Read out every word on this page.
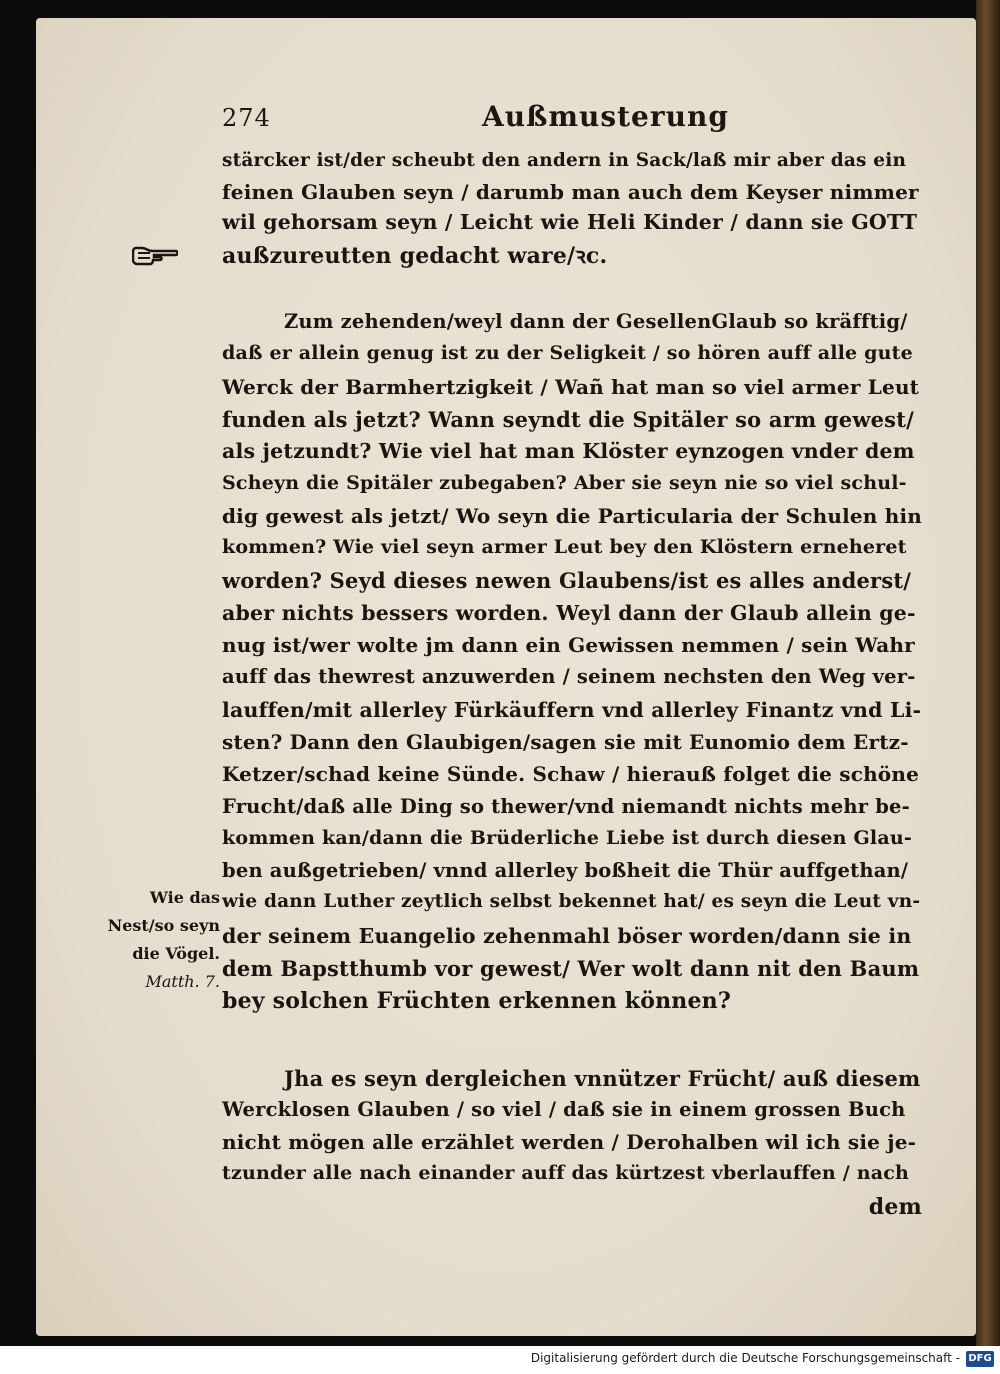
274	Außmusterung
stärcker ist/der scheubt den andern in Sack/laß mir aber das ein
feinen Glauben seyn / darumb man auch dem Keyser nimmer
wil gehorsam seyn / Leicht wie Heli Kinder / dann sie GOTT
außzureutten gedacht ware/ꝛc.
Zum zehenden/weyl dann der GesellenGlaub so kräfftig/
daß er allein genug ist zu der Seligkeit / so hören auff alle gute
Werck der Barmhertzigkeit / Wañ hat man so viel armer Leut
funden als jetzt? Wann seyndt die Spitäler so arm gewest/
als jetzundt? Wie viel hat man Klöster eynzogen vnder dem
Scheyn die Spitäler zubegaben? Aber sie seyn nie so viel schul-
dig gewest als jetzt/ Wo seyn die Particularia der Schulen hin
kommen? Wie viel seyn armer Leut bey den Klöstern erneheret
worden? Seyd dieses newen Glaubens/ist es alles anderst/
aber nichts bessers worden. Weyl dann der Glaub allein ge-
nug ist/wer wolte jm dann ein Gewissen nemmen / sein Wahr
auff das thewrest anzuwerden / seinem nechsten den Weg ver-
lauffen/mit allerley Fürkäuffern vnd allerley Finantz vnd Li-
sten? Dann den Glaubigen/sagen sie mit Eunomio dem Ertz-
Ketzer/schad keine Sünde. Schaw / hierauß folget die schöne
Frucht/daß alle Ding so thewer/vnd niemandt nichts mehr be-
kommen kan/dann die Brüderliche Liebe ist durch diesen Glau-
ben außgetrieben/ vnnd allerley boßheit die Thür auffgethan/
wie dann Luther zeytlich selbst bekennet hat/ es seyn die Leut vn-
der seinem Euangelio zehenmahl böser worden/dann sie in
dem Bapstthumb vor gewest/ Wer wolt dann nit den Baum
bey solchen Früchten erkennen können?
Wie das
Nest/so seyn
die Vögel.
Matth. 7.
Jha es seyn dergleichen vnnützer Frücht/ auß diesem
Wercklosen Glauben / so viel / daß sie in einem grossen Buch
nicht mögen alle erzählet werden / Derohalben wil ich sie je-
tzunder alle nach einander auff das kürtzest vberlauffen / nach
dem
Digitalisierung gefördert durch die Deutsche Forschungsgemeinschaft - DFG
